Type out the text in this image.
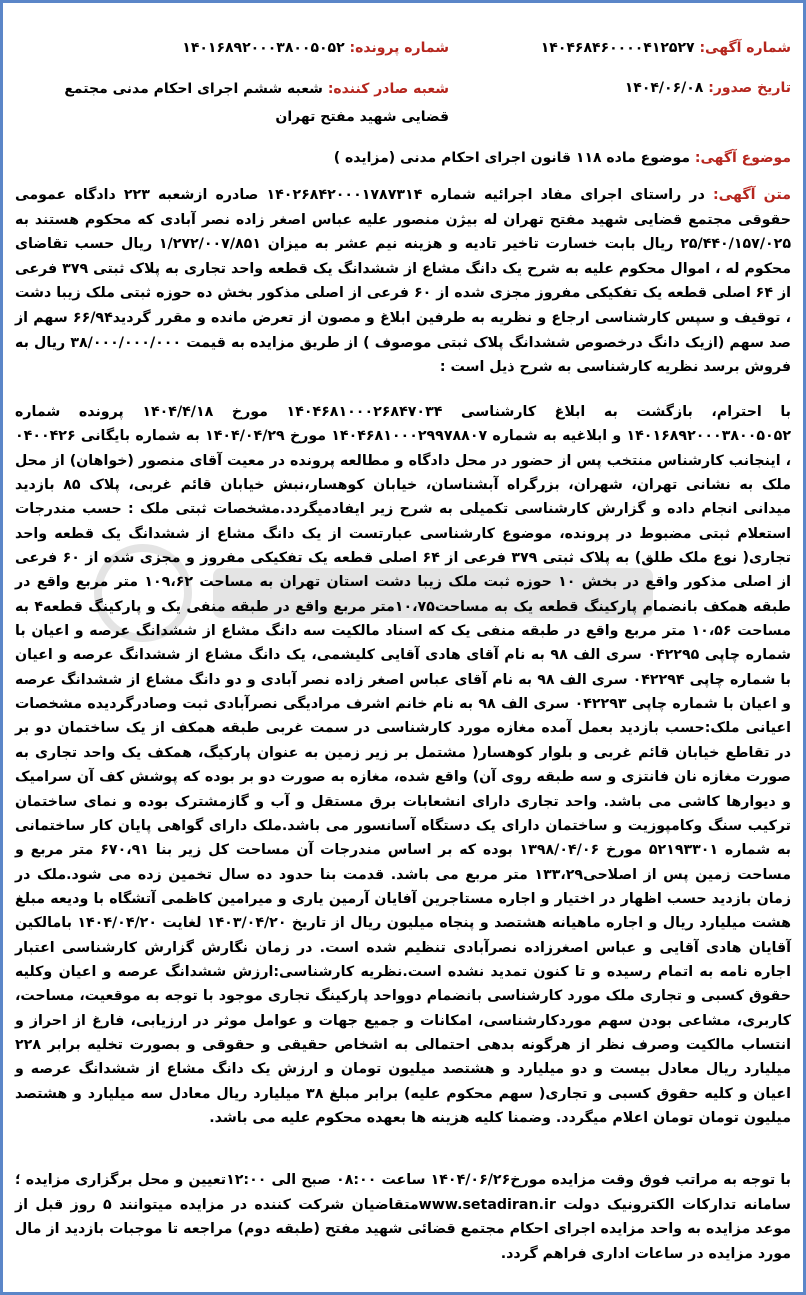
شماره آگهی: ۱۴۰۴۶۸۴۶۰۰۰۰۴۱۲۵۲۷
شماره پرونده: ۱۴۰۱۶۸۹۲۰۰۰۳۸۰۰۵۰۵۲
تاریخ صدور: ۱۴۰۴/۰۶/۰۸
شعبه صادر کننده: شعبه ششم اجرای احکام مدنی مجتمع قضایی شهید مفتح تهران
موضوع آگهی: موضوع ماده ۱۱۸ قانون اجرای احکام مدنی (مزایده )

متن آگهی: در راستای اجرای مفاد اجرائیه شماره ۱۴۰۲۶۸۴۲۰۰۰۱۷۸۷۳۱۴ صادره ازشعبه ۲۲۳ دادگاه عمومی حقوقی مجتمع قضایی شهید مفتح تهران له بیژن منصور علیه عباس اصغر زاده نصر آبادی که محکوم هستند به ۲۵/۴۴۰/۱۵۷/۰۲۵ ریال بابت خسارت تاخیر تادیه و هزینه نیم عشر به میزان ۱/۲۷۲/۰۰۷/۸۵۱ ریال حسب تقاضای محکوم له ، اموال محکوم علیه به شرح یک دانگ مشاع از ششدانگ یک قطعه واحد تجاری به پلاک ثبتی ۳۷۹ فرعی از ۶۴ اصلی قطعه یک تفکیکی مفروز مجزی شده از ۶۰ فرعی از اصلی مذکور بخش ده حوزه ثبتی ملک زیبا دشت ، توقیف و سپس کارشناسی ارجاع و نظریه به طرفین ابلاغ و مصون از تعرض مانده و مقرر گردید۶۶/۹۴ سهم از صد سهم (ازیک دانگ درخصوص ششدانگ پلاک ثبتی موصوف ) از طریق مزایده به قیمت ۳۸/۰۰۰/۰۰۰/۰۰۰ ریال به فروش برسد نظریه کارشناسی به شرح ذیل است :

با احترام، بازگشت به ابلاغ کارشناسی ۱۴۰۴۶۸۱۰۰۰۲۶۸۴۷۰۳۴ مورخ ۱۴۰۴/۴/۱۸ پرونده شماره ۱۴۰۱۶۸۹۲۰۰۰۳۸۰۰۵۰۵۲ و ابلاغیه به شماره ۱۴۰۴۶۸۱۰۰۰۲۹۹۷۸۸۰۷ مورخ ۱۴۰۴/۰۴/۲۹ به شماره بایگانی ۰۴۰۰۴۲۶ ، اینجانب کارشناس منتخب پس از حضور در محل دادگاه و مطالعه پرونده در معیت آقای منصور (خواهان) از محل ملک به نشانی تهران، شهران، بزرگراه آبشناسان، خیابان کوهسار،نبش خیابان قائم غربی، پلاک ۸۵ بازدید میدانی انجام داده و گزارش کارشناسی تکمیلی به شرح زیر ایفادمیگردد.مشخصات ثبتی ملک : حسب مندرجات استعلام ثبتی مضبوط در پرونده، موضوع کارشناسی عبارتست از یک دانگ مشاع از ششدانگ یک قطعه واحد تجاری( نوع ملک طلق) به پلاک ثبتی ۳۷۹ فرعی از ۶۴ اصلی قطعه یک تفکیکی مفروز و مجزی شده از ۶۰ فرعی از اصلی مذکور واقع در بخش ۱۰ حوزه ثبت ملک زیبا دشت استان تهران به مساحت ۱۰۹،۶۲ متر مربع واقع در طبقه همکف بانضمام پارکینگ قطعه یک به مساحت۱۰،۷۵متر مربع واقع در طبقه منفی یک و پارکینگ قطعه۴ به مساحت ۱۰،۵۶ متر مربع واقع در طبقه منفی یک که اسناد مالکیت سه دانگ مشاع از ششدانگ عرصه و اعیان با شماره چاپی ۰۴۲۲۹۵ سری الف ۹۸ به نام آقای هادی آقایی کلیشمی، یک دانگ مشاع از ششدانگ عرصه و اعیان با شماره چاپی ۰۴۲۲۹۴ سری الف ۹۸ به نام آقای عباس اصغر زاده نصر آبادی و دو دانگ مشاع از ششدانگ عرصه و اعیان با شماره چاپی ۰۴۲۲۹۳ سری الف ۹۸ به نام خانم اشرف مرادیگی نصرآبادی ثبت وصادرگردیده مشخصات اعیانی ملک:حسب بازدید بعمل آمده مغازه مورد کارشناسی در سمت غربی طبقه همکف از یک ساختمان دو بر در تقاطع خیابان قائم غربی و بلوار کوهسار( مشتمل بر زیر زمین به عنوان پارکیگ، همکف یک واحد تجاری به صورت مغازه نان فانتزی و سه طبقه روی آن) واقع شده، مغازه به صورت دو بر بوده که پوشش کف آن سرامیک و دیوارها کاشی می باشد. واحد تجاری دارای انشعابات برق مستقل و آب و گازمشترک بوده و نمای ساختمان ترکیب سنگ وکامپوزیت و ساختمان دارای یک دستگاه آسانسور می باشد.ملک دارای گواهی پایان کار ساختمانی به شماره ۵۲۱۹۳۳۰۱ مورخ ۱۳۹۸/۰۴/۰۶ بوده که بر اساس مندرجات آن مساحت کل زیر بنا ۶۷۰،۹۱ متر مربع و مساحت زمین پس از اصلاحی۱۳۳،۲۹ متر مربع می باشد. قدمت بنا حدود ده سال تخمین زده می شود.ملک در زمان بازدید حسب اظهار در اختیار و اجاره مستاجرین آفایان آرمین یاری و میرامین کاظمی آتشگاه با ودیعه مبلغ هشت میلیارد ریال و اجاره ماهیانه هشتصد و پنجاه میلیون ریال از تاریخ ۱۴۰۳/۰۴/۲۰ لغایت ۱۴۰۴/۰۴/۲۰ بامالکین آقایان هادی آقایی و عباس اصغرزاده نصرآبادی تنظیم شده است. در زمان نگارش گزارش کارشناسی اعتبار اجاره نامه به اتمام رسیده و تا کنون تمدید نشده است.نظریه کارشناسی:ارزش ششدانگ عرصه و اعیان وکلیه حقوق کسبی و تجاری ملک مورد کارشناسی بانضمام دوواحد پارکینگ تجاری موجود با توجه به موقعیت، مساحت، کاربری، مشاعی بودن سهم موردکارشناسی، امکانات و جمیع جهات و عوامل موثر در ارزیابی، فارغ از احراز و انتساب مالکیت وصرف نظر از هرگونه بدهی احتمالی به اشخاص حقیقی و حقوقی و بصورت تخلیه برابر ۲۲۸ میلیارد ریال معادل بیست و دو میلیارد و هشتصد میلیون تومان و ارزش یک دانگ مشاع از ششدانگ عرصه و اعیان و کلیه حقوق کسبی و تجاری( سهم محکوم علیه) برابر مبلغ ۳۸ میلیارد ریال معادل سه میلیارد و هشتصد میلیون تومان تومان اعلام میگردد. وضمنا کلیه هزینه ها بعهده محکوم علیه می باشد.

با توجه به مراتب فوق وقت مزایده مورخ۱۴۰۴/۰۶/۲۶ ساعت ۰۸:۰۰ صبح الی ۱۲:۰۰تعیین و محل برگزاری مزایده ؛سامانه تدارکات الکترونیک دولت www.setadiran.irمتقاضیان شرکت کننده در مزایده میتوانند ۵ روز قبل از موعد مزایده به واحد مزایده اجرای احکام مجتمع قضائی شهید مفتح (طبقه دوم) مراجعه تا موجبات بازدید از مال مورد مزایده در ساعات اداری فراهم گردد.
